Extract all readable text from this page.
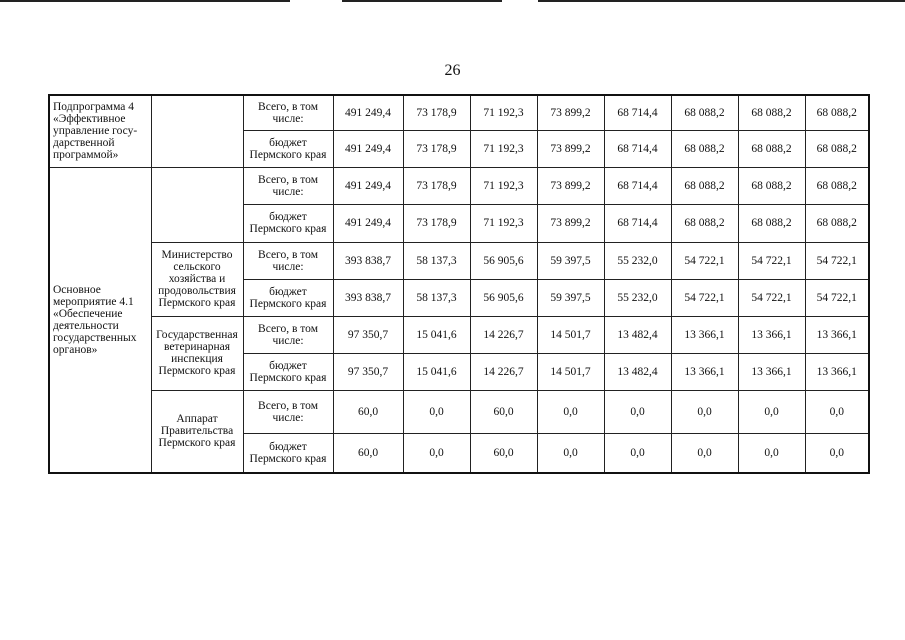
26
Подпрограмма 4 «Эффективное управление госу-дарственной программой»		Всего, в том числе:	491 249,4	73 178,9	71 192,3	73 899,2	68 714,4	68 088,2	68 088,2	68 088,2
		бюджет Пермского края	491 249,4	73 178,9	71 192,3	73 899,2	68 714,4	68 088,2	68 088,2	68 088,2
Основное мероприятие 4.1 «Обеспечение деятельности государственных органов»		Всего, в том числе:	491 249,4	73 178,9	71 192,3	73 899,2	68 714,4	68 088,2	68 088,2	68 088,2
		бюджет Пермского края	491 249,4	73 178,9	71 192,3	73 899,2	68 714,4	68 088,2	68 088,2	68 088,2
	Министерство сельского хозяйства и продовольствия Пермского края	Всего, в том числе:	393 838,7	58 137,3	56 905,6	59 397,5	55 232,0	54 722,1	54 722,1	54 722,1
		бюджет Пермского края	393 838,7	58 137,3	56 905,6	59 397,5	55 232,0	54 722,1	54 722,1	54 722,1
	Государственная ветеринарная инспекция Пермского края	Всего, в том числе:	97 350,7	15 041,6	14 226,7	14 501,7	13 482,4	13 366,1	13 366,1	13 366,1
		бюджет Пермского края	97 350,7	15 041,6	14 226,7	14 501,7	13 482,4	13 366,1	13 366,1	13 366,1
	Аппарат Правительства Пермского края	Всего, в том числе:	60,0	0,0	60,0	0,0	0,0	0,0	0,0	0,0
		бюджет Пермского края	60,0	0,0	60,0	0,0	0,0	0,0	0,0	0,0
